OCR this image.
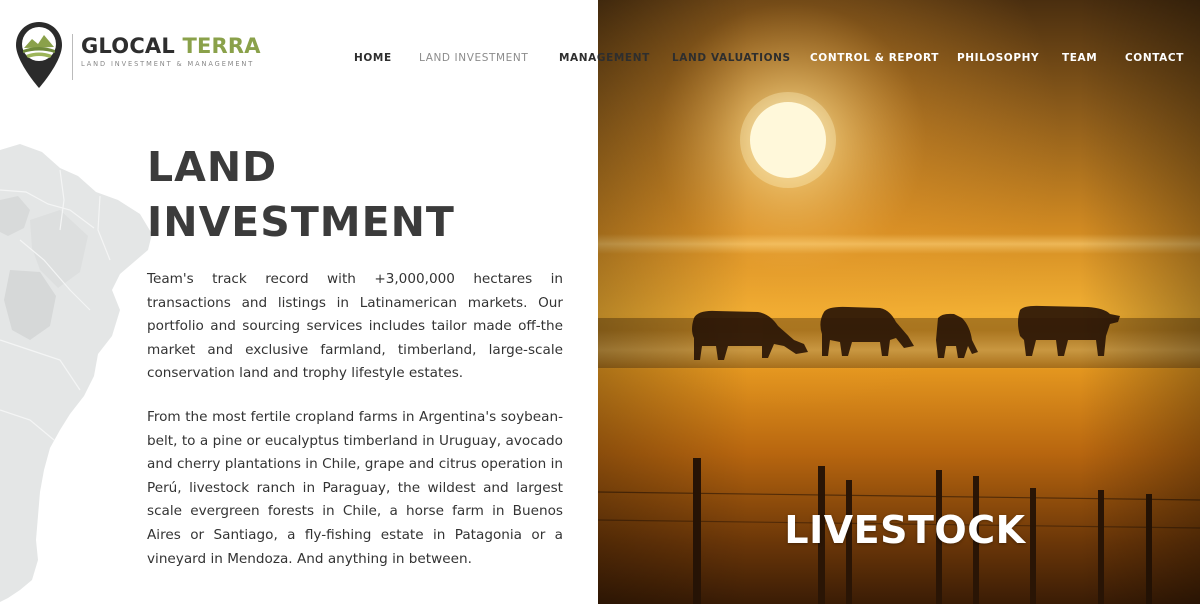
LIVESTOCK
GLOCAL TERRA
LAND INVESTMENT & MANAGEMENT	HOME	LAND INVESTMENT	MANAGEMENT LAND VALUATIONS CONTROL & REPORT PHILOSOPHY TEAM	CONTACT
LAND
INVESTMENT

Team's track record with +3,000,000 hectares in transactions and listings in Latinamerican markets. Our portfolio and sourcing services includes tailor made off-the market and exclusive farmland, timberland, large-scale conservation land and trophy lifestyle estates.

From the most fertile cropland farms in Argentina's soybean-belt, to a pine or eucalyptus timberland in Uruguay, avocado and cherry plantations in Chile, grape and citrus operation in Perú, livestock ranch in Paraguay, the wildest and largest scale evergreen forests in Chile, a horse farm in Buenos Aires or Santiago, a fly-fishing estate in Patagonia or a vineyard in Mendoza. And anything in between.
